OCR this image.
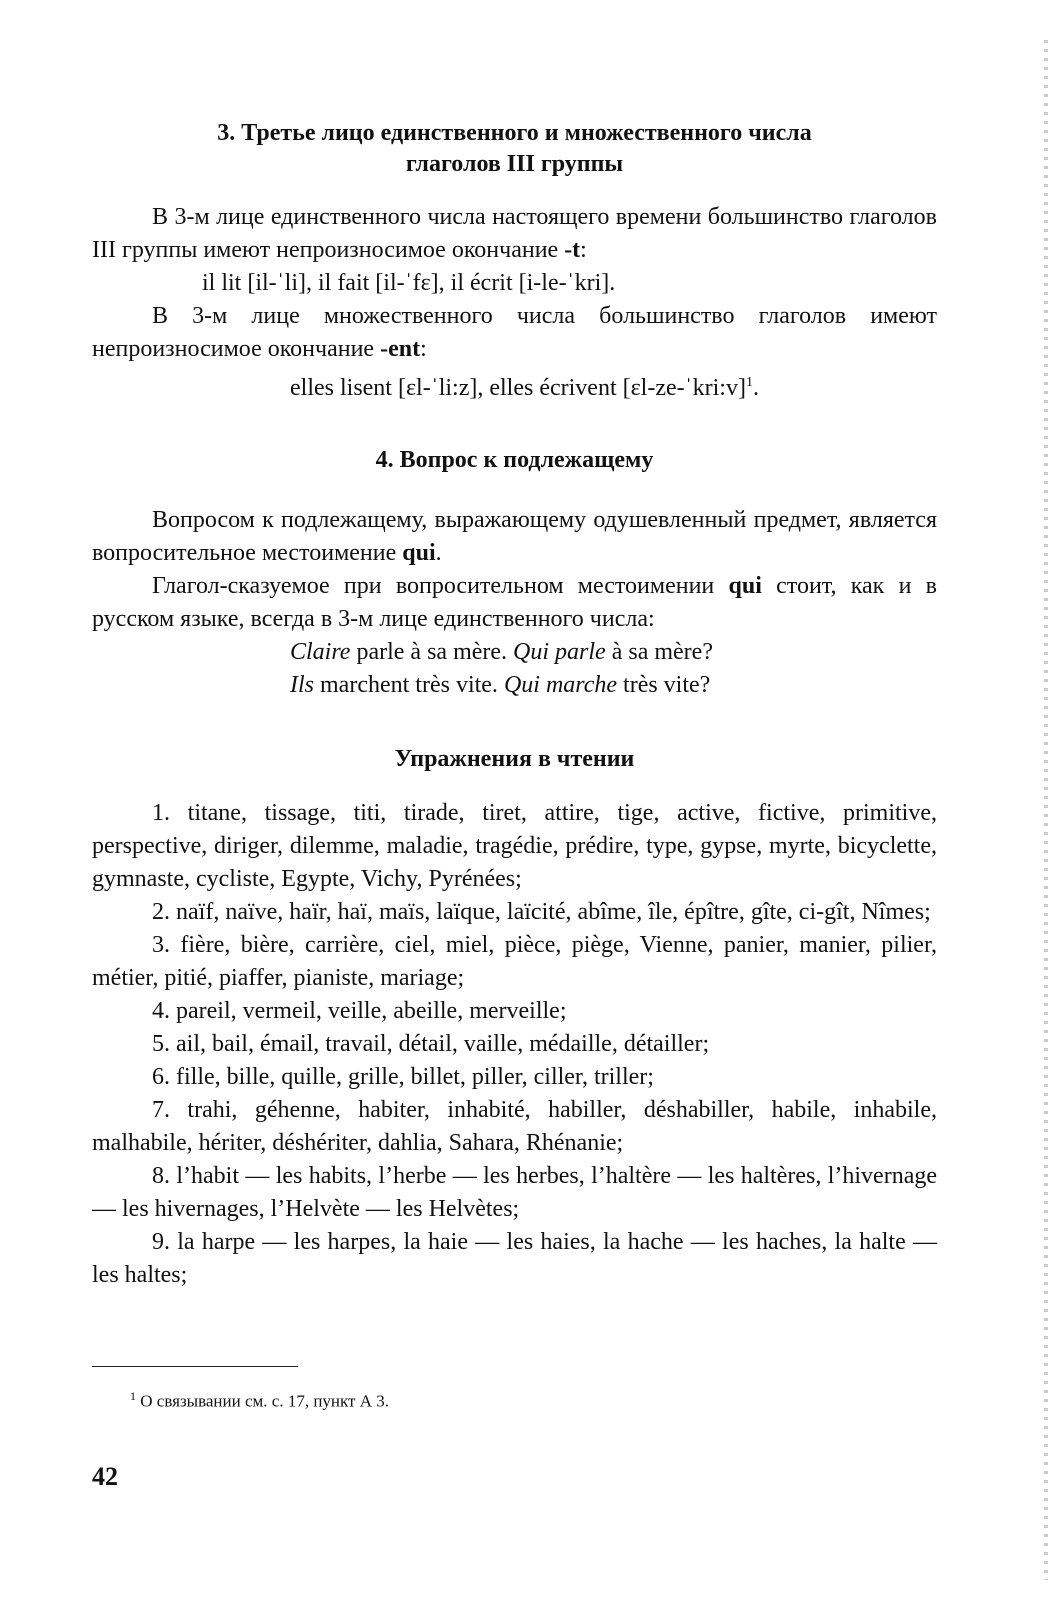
3. Третье лицо единственного и множественного числа
глаголов III группы

В 3-м лице единственного числа настоящего времени большинство глаголов III группы имеют непроизносимое окончание -t:

il lit [il-ˈli], il fait [il-ˈfɛ], il écrit [i-le-ˈkri].

В 3-м лице множественного числа большинство глаголов имеют непроизносимое окончание -ent:

elles lisent [ɛl-ˈli:z], elles écrivent [ɛl-ze-ˈkri:v]$^1$.

4. Вопрос к подлежащему

Вопросом к подлежащему, выражающему одушевленный предмет, является вопросительное местоимение qui.

Глагол-сказуемое при вопросительном местоимении qui стоит, как и в русском языке, всегда в 3-м лице единственного числа:

Claire parle à sa mère. Qui parle à sa mère?
Ils marchent très vite. Qui marche très vite?

Упражнения в чтении

1. titane, tissage, titi, tirade, tiret, attire, tige, active, fictive, primitive, perspective, diriger, dilemme, maladie, tragédie, prédire, type, gypse, myrte, bicyclette, gymnaste, cycliste, Egypte, Vichy, Pyrénées;

2. naïf, naïve, haïr, haï, maïs, laïque, laïcité, abîme, île, épître, gîte, ci-gît, Nîmes;

3. fière, bière, carrière, ciel, miel, pièce, piège, Vienne, panier, manier, pilier, métier, pitié, piaffer, pianiste, mariage;

4. pareil, vermeil, veille, abeille, merveille;

5. ail, bail, émail, travail, détail, vaille, médaille, détailler;

6. fille, bille, quille, grille, billet, piller, ciller, triller;

7. trahi, géhenne, habiter, inhabité, habiller, déshabiller, habile, inhabile, malhabile, hériter, déshériter, dahlia, Sahara, Rhénanie;

8. l’habit — les habits, l’herbe — les herbes, l’haltère — les haltères, l’hivernage — les hivernages, l’Helvète — les Helvètes;

9. la harpe — les harpes, la haie — les haies, la hache — les haches, la halte — les haltes;

$^1$ О связывании см. с. 17, пункт А 3.
42
